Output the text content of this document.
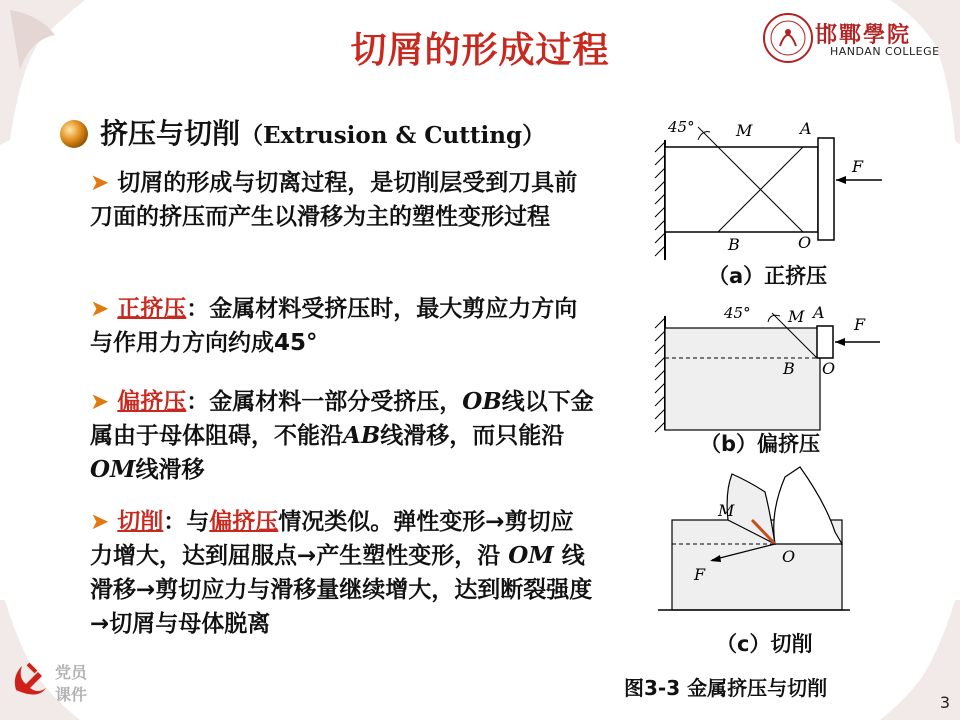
切屑的形成过程	邯鄲學院
HANDAN COLLEGE
挤压与切削（Extrusion & Cutting）
➤ 切屑的形成与切离过程，是切削层受到刀具前刀面的挤压而产生以滑移为主的塑性变形过程
➤ 正挤压：金属材料受挤压时，最大剪应力方向与作用力方向约成45°
➤ 偏挤压：金属材料一部分受挤压，OB线以下金属由于母体阻碍，不能沿AB线滑移，而只能沿OM线滑移
➤ 切削：与偏挤压情况类似。弹性变形→剪切应力增大，达到屈服点→产生塑性变形，沿 OM 线滑移→剪切应力与滑移量继续增大，达到断裂强度→切屑与母体脱离
党员
课件
45°	M	A
F
B	O
（a）正挤压
45° M A
F
B O
（b）偏挤压
M
O
F
（c）切削
图3-3 金属挤压与切削
3
